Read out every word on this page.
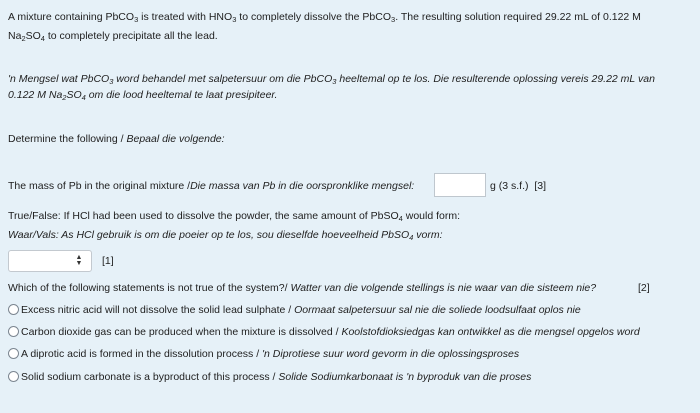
A mixture containing PbCO$_3$ is treated with $HNO_3$ to completely dissolve the PbCO$_3$. The resulting solution required 29.22 mL of 0.122 M
$Na_2SO_4$ to completely precipitate all the lead.
'n Mengsel wat PbCO$_3$ word behandel met salpetersuur om die PbCO$_3$ heeltemal op te los. Die resulterende oplossing vereis 29.22 mL van
0.122 M $Na_2SO_4$ om die lood heeltemal te laat presipiteer.
Determine the following / Bepaal die volgende:
The mass of Pb in the original mixture /Die massa van Pb in die oorspronklike mengsel:	g (3 s.f.) [3]
True/False: If HCl had been used to dissolve the powder, the same amount of PbSO$_4$ would form:
Waar/Vals: As HCl gebruik is om die poeier op te los, sou dieselfde hoeveelheid PbSO$_4$ vorm:
▲
▼ [1]
Which of the following statements is not true of the system?/ Watter van die volgende stellings is nie waar van die sisteem nie?	[2]
Excess nitric acid will not dissolve the solid lead sulphate / Oormaat salpetersuur sal nie die soliede loodsulfaat oplos nie
Carbon dioxide gas can be produced when the mixture is dissolved / Koolstofdioksiedgas kan ontwikkel as die mengsel opgelos word
A diprotic acid is formed in the dissolution process / 'n Diprotiese suur word gevorm in die oplossingsproses
Solid sodium carbonate is a byproduct of this process / Solide Sodiumkarbonaat is 'n byproduk van die proses
